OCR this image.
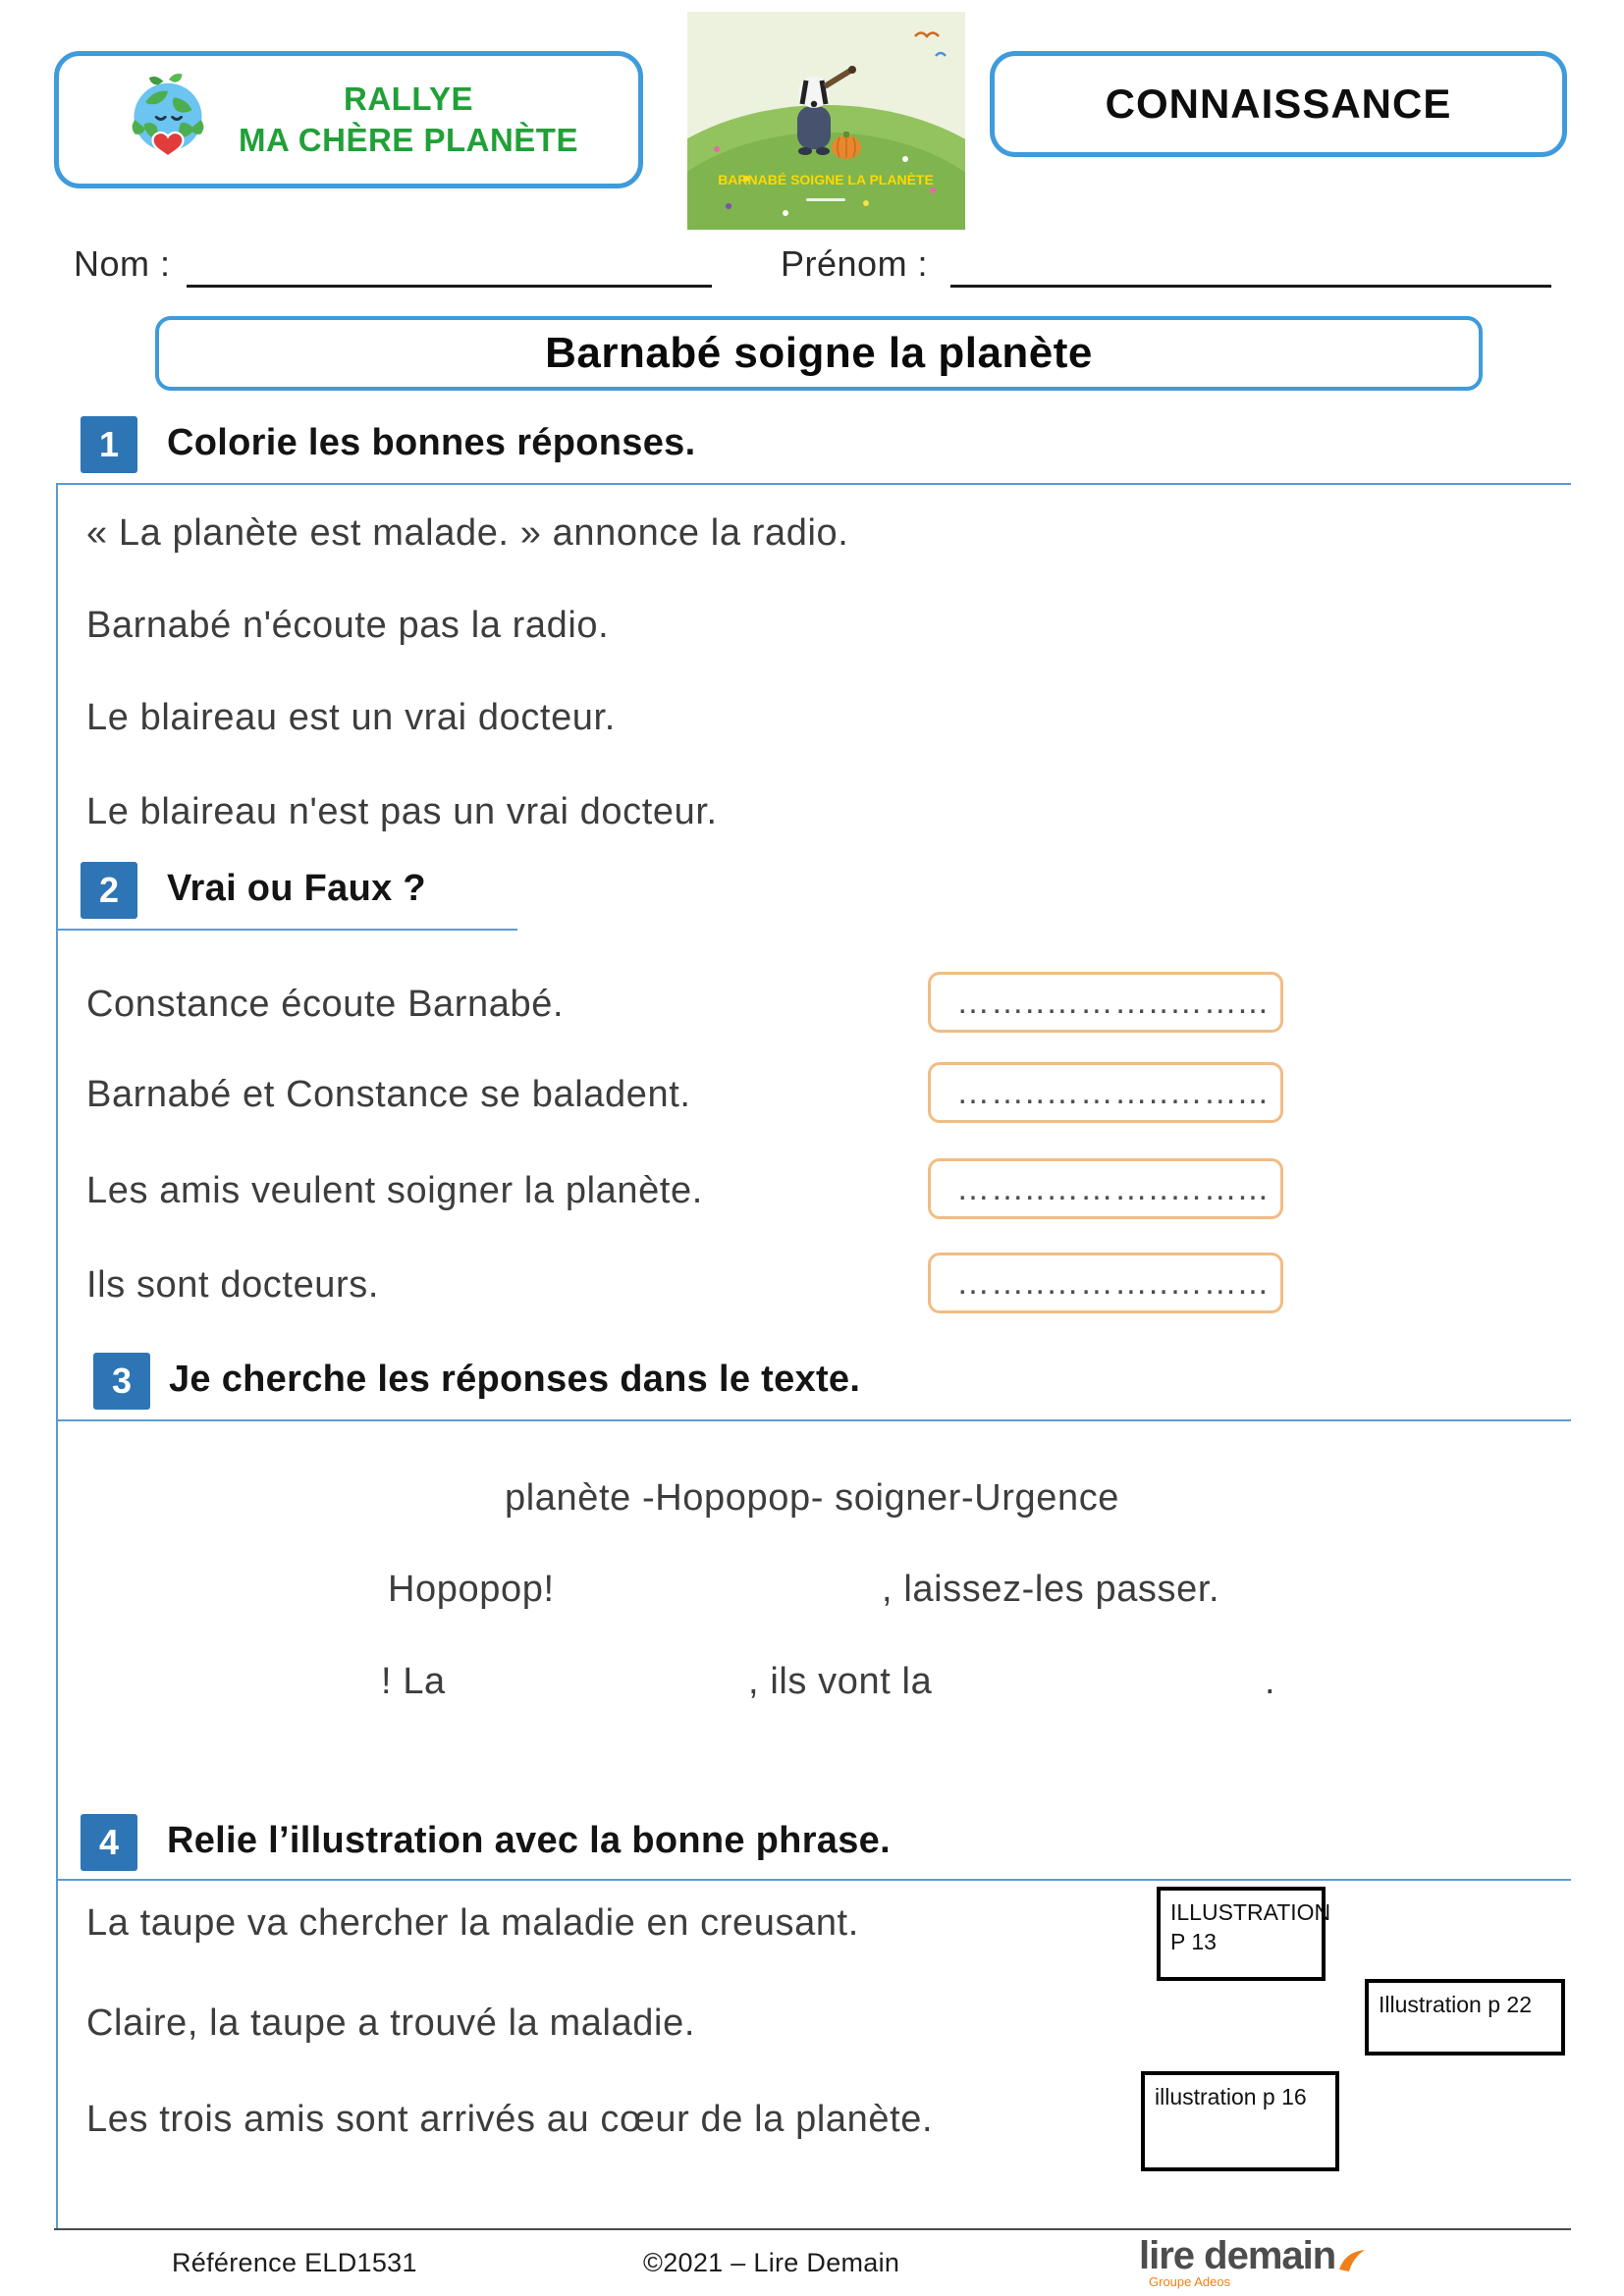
RALLYE
MA CHÈRE PLANÈTE
BARNABÉ SOIGNE LA PLANÈTE
CONNAISSANCE
Nom :	Prénom :
Barnabé soigne la planète
1	Colorie les bonnes réponses.
« La planète est malade. » annonce la radio.
Barnabé n'écoute pas la radio.
Le blaireau est un vrai docteur.
Le blaireau n'est pas un vrai docteur.
2	Vrai ou Faux ?
Constance écoute Barnabé.	……..………..……...
Barnabé et Constance se baladent.	……..………..……...
Les amis veulent soigner la planète.	……..………..……...
Ils sont docteurs.	……..………..……...
3 Je cherche les réponses dans le texte.
planète -Hopopop- soigner-Urgence
Hopopop!	, laissez-les passer.
! La	, ils vont la	.
4	Relie l’illustration avec la bonne phrase.
La taupe va chercher la maladie en creusant.	ILLUSTRATION
P 13
Claire, la taupe a trouvé la maladie.	Illustration p 22
Les trois amis sont arrivés au cœur de la planète.
illustration p 16
Référence ELD1531	©2021 – Lire Demain	lire demain
Groupe Adeos
